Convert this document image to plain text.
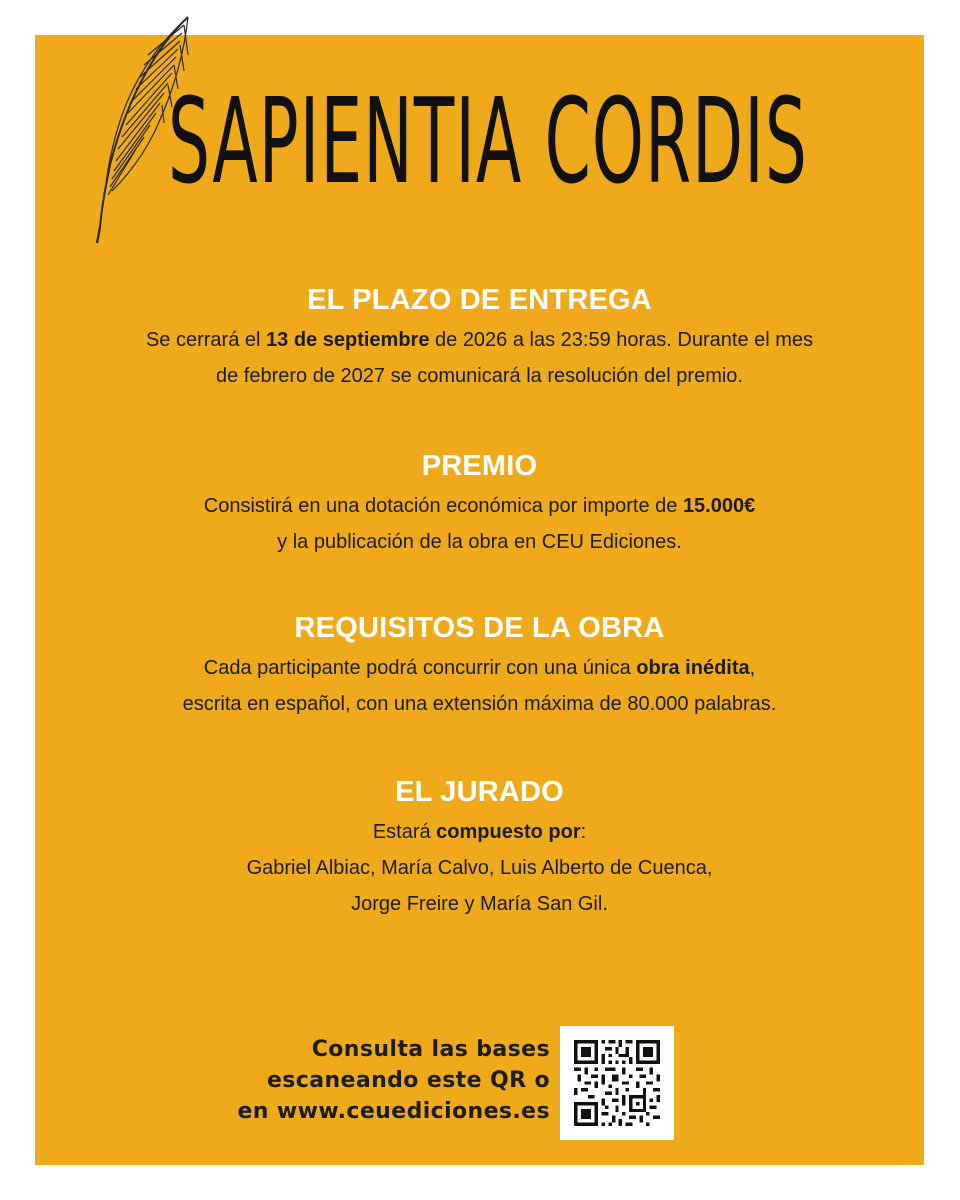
SAPIENTIA CORDIS
EL PLAZO DE ENTREGA

Se cerrará el 13 de septiembre de 2026 a las 23:59 horas. Durante el mes
de febrero de 2027 se comunicará la resolución del premio.

PREMIO

Consistirá en una dotación económica por importe de 15.000€
y la publicación de la obra en CEU Ediciones.

REQUISITOS DE LA OBRA

Cada participante podrá concurrir con una única obra inédita,
escrita en español, con una extensión máxima de 80.000 palabras.

EL JURADO

Estará compuesto por:
Gabriel Albiac, María Calvo, Luis Alberto de Cuenca,
Jorge Freire y María San Gil.

Consulta las bases
escaneando este QR o
en www.ceuediciones.es
